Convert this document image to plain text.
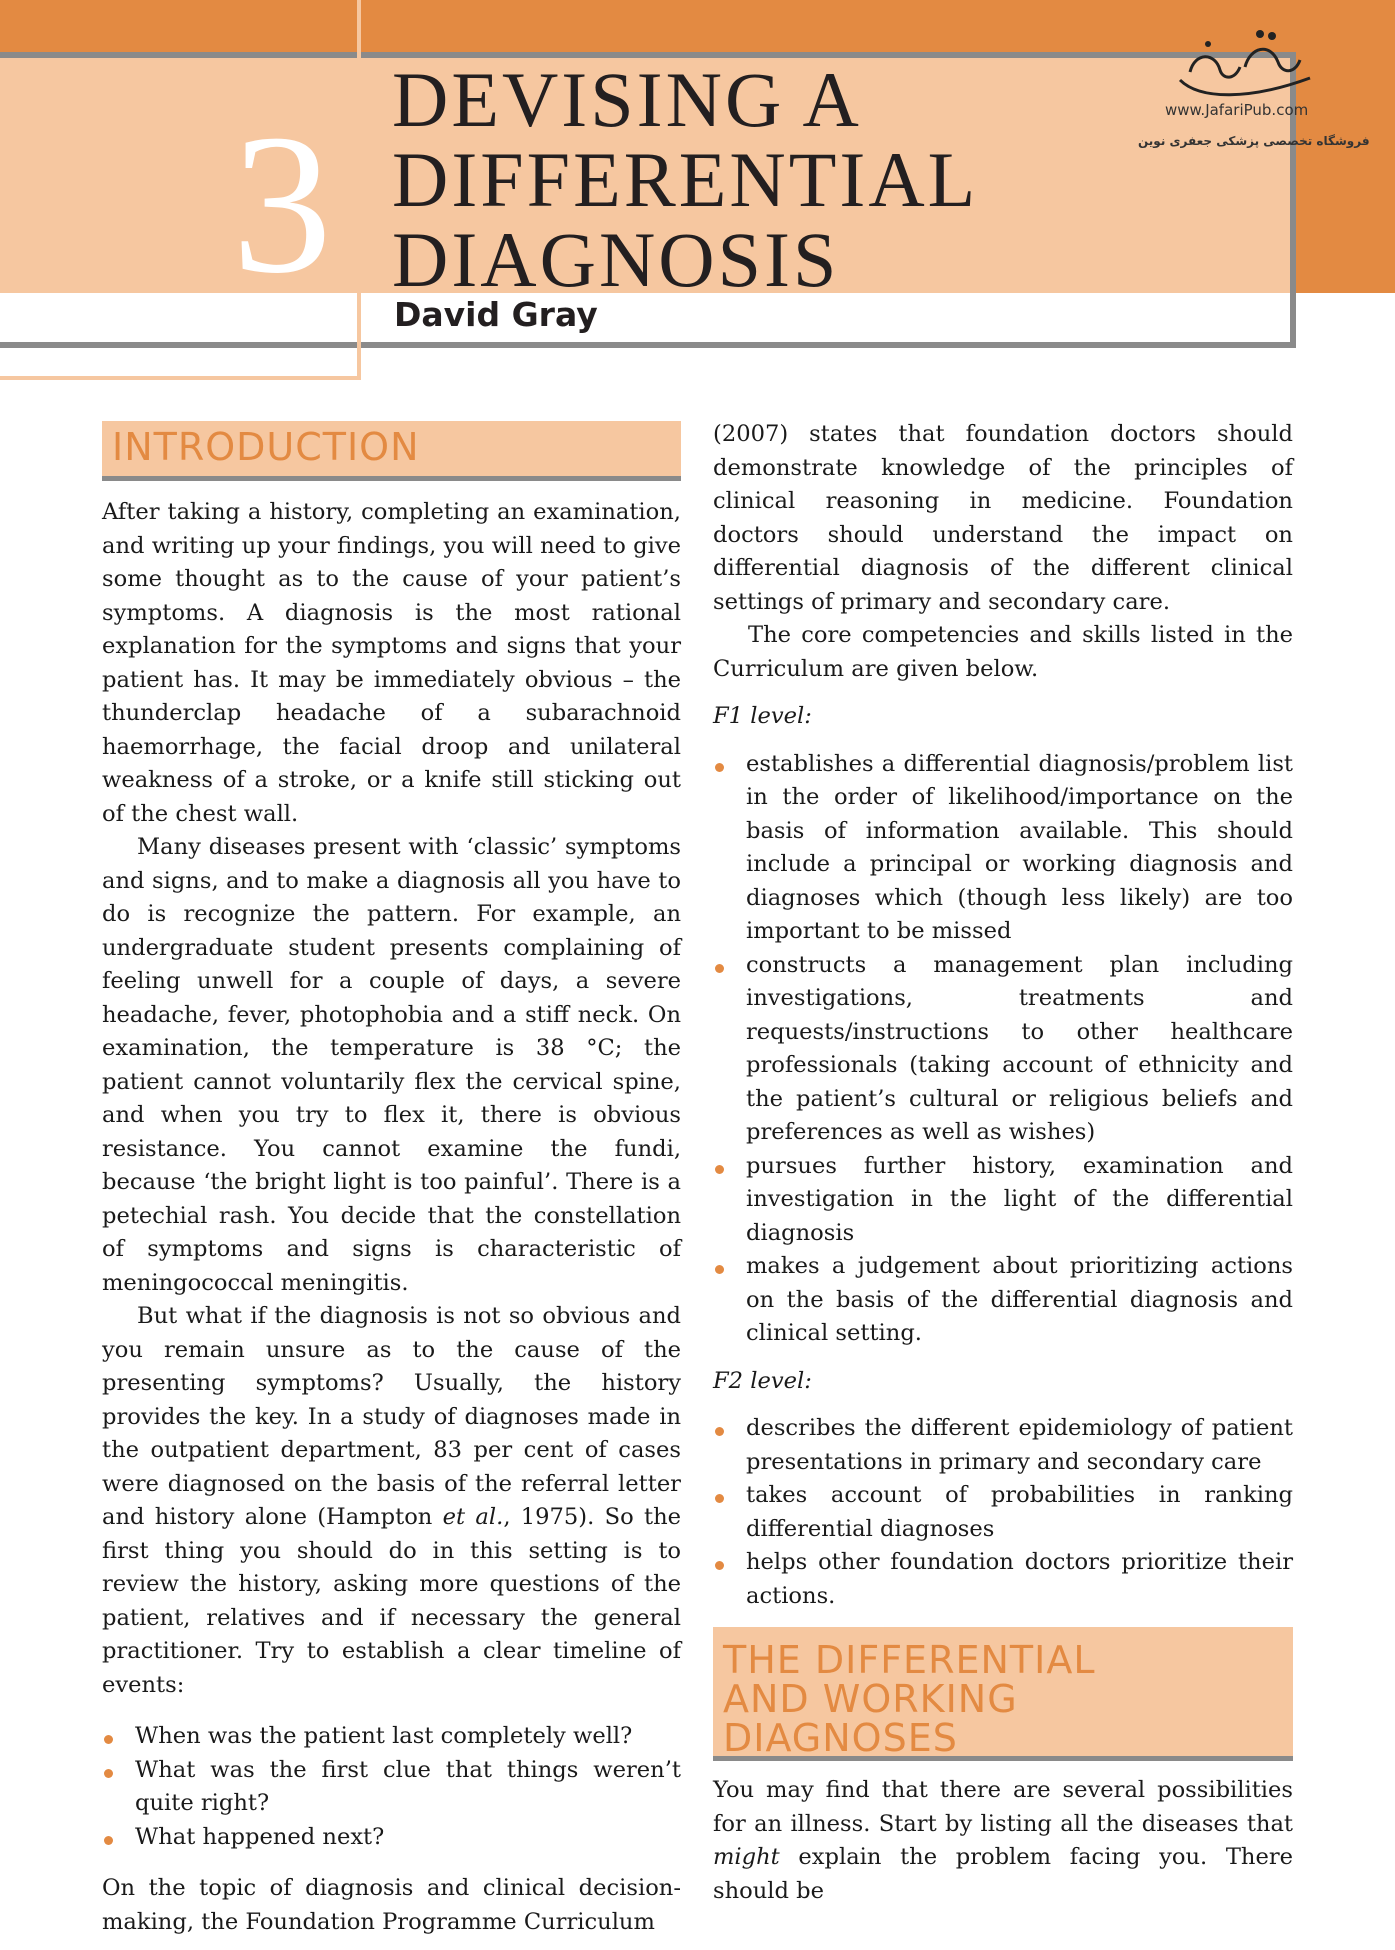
3 DEVISING A
DIFFERENTIAL
DIAGNOSIS
David Gray
www.JafariPub.com
فروشگاه تخصصی پزشکی جعفری نوین
INTRODUCTION

After taking a history, completing an examination, and writing up your findings, you will need to give some thought as to the cause of your patient’s symptoms. A diagnosis is the most rational explanation for the symptoms and signs that your patient has. It may be immediately obvious – the thunderclap headache of a subarachnoid haemorrhage, the facial droop and unilateral weakness of a stroke, or a knife still sticking out of the chest wall.

Many diseases present with ‘classic’ symptoms and signs, and to make a diagnosis all you have to do is recognize the pattern. For example, an undergraduate student presents complaining of feeling unwell for a couple of days, a severe headache, fever, photophobia and a stiff neck. On examination, the temperature is 38 °C; the patient cannot voluntarily flex the cervical spine, and when you try to flex it, there is obvious resistance. You cannot examine the fundi, because ‘the bright light is too painful’. There is a petechial rash. You decide that the constellation of symptoms and signs is characteristic of meningococcal meningitis.

But what if the diagnosis is not so obvious and you remain unsure as to the cause of the presenting symptoms? Usually, the history provides the key. In a study of diagnoses made in the outpatient department, 83 per cent of cases were diagnosed on the basis of the referral letter and history alone (Hampton et al., 1975). So the first thing you should do in this setting is to review the history, asking more questions of the patient, relatives and if necessary the general practitioner. Try to establish a clear timeline of events:

When was the patient last completely well?
What was the first clue that things weren’t quite right?
What happened next?

On the topic of diagnosis and clinical decision-making, the Foundation Programme Curriculum

(2007) states that foundation doctors should demonstrate knowledge of the principles of clinical reasoning in medicine. Foundation doctors should understand the impact on differential diagnosis of the different clinical settings of primary and secondary care.

The core competencies and skills listed in the Curriculum are given below.

F1 level:

establishes a differential diagnosis/problem list in the order of likelihood/importance on the basis of information available. This should include a principal or working diagnosis and diagnoses which (though less likely) are too important to be missed
constructs a management plan including investigations, treatments and requests/instructions to other healthcare professionals (taking account of ethnicity and the patient’s cultural or religious beliefs and preferences as well as wishes)
pursues further history, examination and investigation in the light of the differential diagnosis
makes a judgement about prioritizing actions on the basis of the differential diagnosis and clinical setting.

F2 level:

describes the different epidemiology of patient presentations in primary and secondary care
takes account of probabilities in ranking differential diagnoses
helps other foundation doctors prioritize their actions.
THE DIFFERENTIAL
AND WORKING
DIAGNOSES

You may find that there are several possibilities for an illness. Start by listing all the diseases that might explain the problem facing you. There should be
